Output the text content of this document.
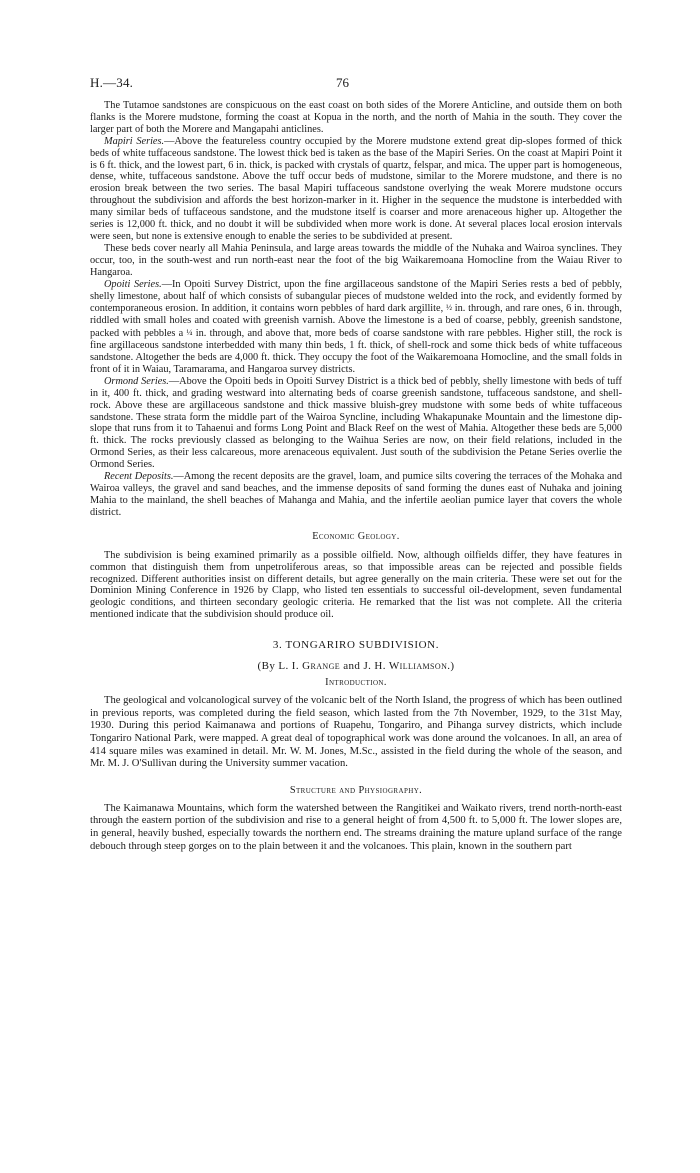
H.—34.	76

The Tutamoe sandstones are conspicuous on the east coast on both sides of the Morere Anticline, and outside them on both flanks is the Morere mudstone, forming the coast at Kopua in the north, and the north of Mahia in the south. They cover the larger part of both the Morere and Mangapahi anticlines.

Mapiri Series.—Above the featureless country occupied by the Morere mudstone extend great dip-slopes formed of thick beds of white tuffaceous sandstone. The lowest thick bed is taken as the base of the Mapiri Series. On the coast at Mapiri Point it is 6 ft. thick, and the lowest part, 6 in. thick, is packed with crystals of quartz, felspar, and mica. The upper part is homogeneous, dense, white, tuffaceous sandstone. Above the tuff occur beds of mudstone, similar to the Morere mudstone, and there is no erosion break between the two series. The basal Mapiri tuffaceous sandstone overlying the weak Morere mudstone occurs throughout the subdivision and affords the best horizon-marker in it. Higher in the sequence the mudstone is interbedded with many similar beds of tuffaceous sandstone, and the mudstone itself is coarser and more arenaceous higher up. Altogether the series is 12,000 ft. thick, and no doubt it will be subdivided when more work is done. At several places local erosion intervals were seen, but none is extensive enough to enable the series to be subdivided at present.

These beds cover nearly all Mahia Peninsula, and large areas towards the middle of the Nuhaka and Wairoa synclines. They occur, too, in the south-west and run north-east near the foot of the big Waikaremoana Homocline from the Waiau River to Hangaroa.

Opoiti Series.—In Opoiti Survey District, upon the fine argillaceous sandstone of the Mapiri Series rests a bed of pebbly, shelly limestone, about half of which consists of subangular pieces of mudstone welded into the rock, and evidently formed by contemporaneous erosion. In addition, it contains worn pebbles of hard dark argillite, ½ in. through, and rare ones, 6 in. through, riddled with small holes and coated with greenish varnish. Above the limestone is a bed of coarse, pebbly, greenish sandstone, packed with pebbles a ¼ in. through, and above that, more beds of coarse sandstone with rare pebbles. Higher still, the rock is fine argillaceous sandstone interbedded with many thin beds, 1 ft. thick, of shell-rock and some thick beds of white tuffaceous sandstone. Altogether the beds are 4,000 ft. thick. They occupy the foot of the Waikaremoana Homocline, and the small folds in front of it in Waiau, Taramarama, and Hangaroa survey districts.

Ormond Series.—Above the Opoiti beds in Opoiti Survey District is a thick bed of pebbly, shelly limestone with beds of tuff in it, 400 ft. thick, and grading westward into alternating beds of coarse greenish sandstone, tuffaceous sandstone, and shell-rock. Above these are argillaceous sandstone and thick massive bluish-grey mudstone with some beds of white tuffaceous sandstone. These strata form the middle part of the Wairoa Syncline, including Whakapunake Mountain and the limestone dip-slope that runs from it to Tahaenui and forms Long Point and Black Reef on the west of Mahia. Altogether these beds are 5,000 ft. thick. The rocks previously classed as belonging to the Waihua Series are now, on their field relations, included in the Ormond Series, as their less calcareous, more arenaceous equivalent. Just south of the subdivision the Petane Series overlie the Ormond Series.

Recent Deposits.—Among the recent deposits are the gravel, loam, and pumice silts covering the terraces of the Mohaka and Wairoa valleys, the gravel and sand beaches, and the immense deposits of sand forming the dunes east of Nuhaka and joining Mahia to the mainland, the shell beaches of Mahanga and Mahia, and the infertile aeolian pumice layer that covers the whole district.

Economic Geology.

The subdivision is being examined primarily as a possible oilfield. Now, although oilfields differ, they have features in common that distinguish them from unpetroliferous areas, so that impossible areas can be rejected and possible fields recognized. Different authorities insist on different details, but agree generally on the main criteria. These were set out for the Dominion Mining Conference in 1926 by Clapp, who listed ten essentials to successful oil-development, seven fundamental geologic conditions, and thirteen secondary geologic criteria. He remarked that the list was not complete. All the criteria mentioned indicate that the subdivision should produce oil.

3. TONGARIRO SUBDIVISION.
(By L. I. Grange and J. H. Williamson.)
Introduction.

The geological and volcanological survey of the volcanic belt of the North Island, the progress of which has been outlined in previous reports, was completed during the field season, which lasted from the 7th November, 1929, to the 31st May, 1930. During this period Kaimanawa and portions of Ruapehu, Tongariro, and Pihanga survey districts, which include Tongariro National Park, were mapped. A great deal of topographical work was done around the volcanoes. In all, an area of 414 square miles was examined in detail. Mr. W. M. Jones, M.Sc., assisted in the field during the whole of the season, and Mr. M. J. O'Sullivan during the University summer vacation.

Structure and Physiography.

The Kaimanawa Mountains, which form the watershed between the Rangitikei and Waikato rivers, trend north-north-east through the eastern portion of the subdivision and rise to a general height of from 4,500 ft. to 5,000 ft. The lower slopes are, in general, heavily bushed, especially towards the northern end. The streams draining the mature upland surface of the range debouch through steep gorges on to the plain between it and the volcanoes. This plain, known in the southern part
